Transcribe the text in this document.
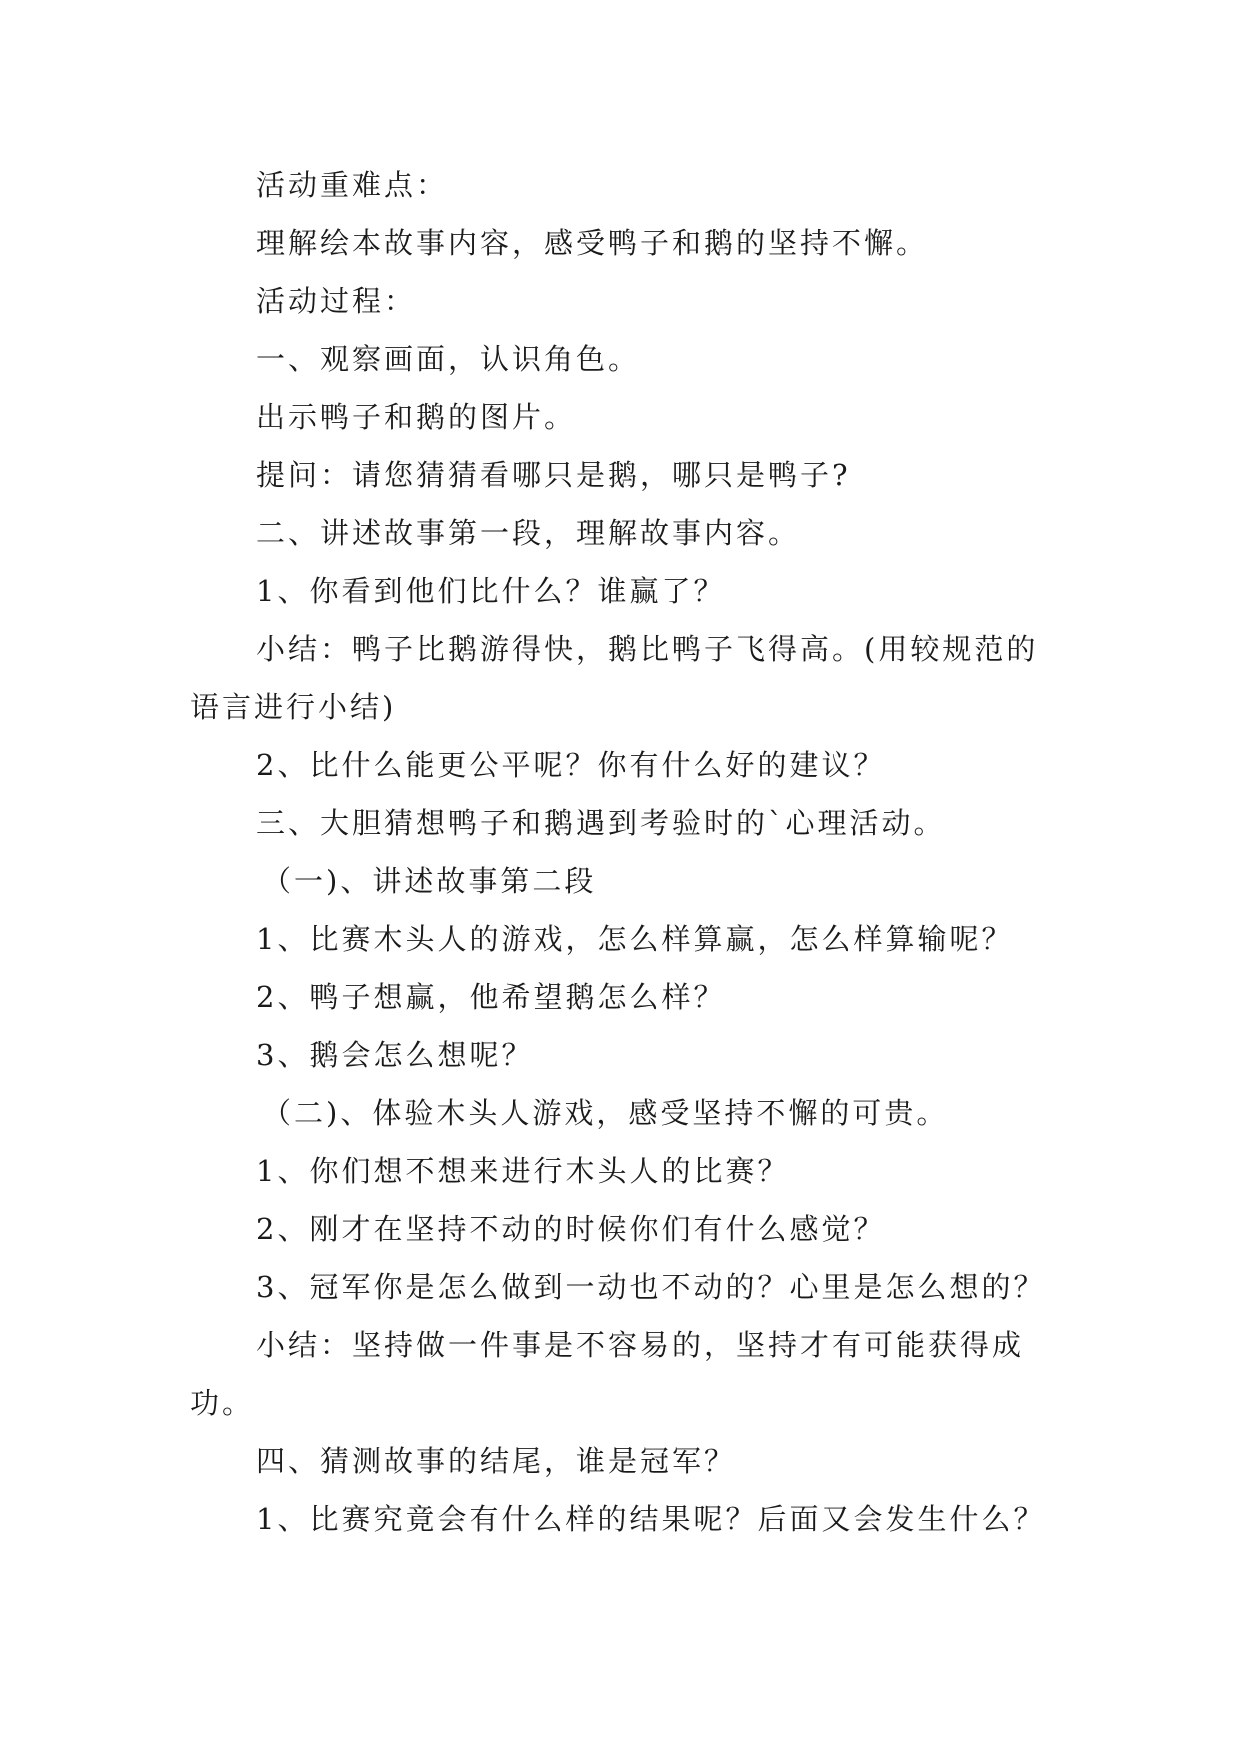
活动重难点：

理解绘本故事内容，感受鸭子和鹅的坚持不懈。

活动过程：

一、观察画面，认识角色。

出示鸭子和鹅的图片。

提问：请您猜猜看哪只是鹅，哪只是鸭子?

二、讲述故事第一段，理解故事内容。

1、你看到他们比什么？谁赢了？

小结：鸭子比鹅游得快，鹅比鸭子飞得高。(用较规范的语言进行小结)

2、比什么能更公平呢？你有什么好的建议？

三、大胆猜想鸭子和鹅遇到考验时的`心理活动。

（一)、讲述故事第二段

1、比赛木头人的游戏，怎么样算赢，怎么样算输呢？

2、鸭子想赢，他希望鹅怎么样？

3、鹅会怎么想呢？

（二)、体验木头人游戏，感受坚持不懈的可贵。

1、你们想不想来进行木头人的比赛？

2、刚才在坚持不动的时候你们有什么感觉？

3、冠军你是怎么做到一动也不动的？心里是怎么想的？

小结：坚持做一件事是不容易的，坚持才有可能获得成功。

四、猜测故事的结尾，谁是冠军？

1、比赛究竟会有什么样的结果呢？后面又会发生什么？
